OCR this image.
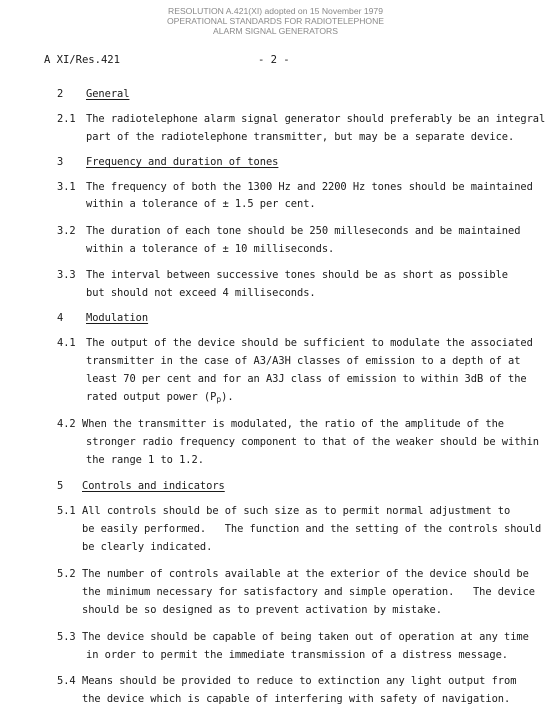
RESOLUTION A.421(XI) adopted on 15 November 1979
OPERATIONAL STANDARDS FOR RADIOTELEPHONE
ALARM SIGNAL GENERATORS
A XI/Res.421	- 2 -
2 General
2.1 The radiotelephone alarm signal generator should preferably be an integral
part of the radiotelephone transmitter, but may be a separate device.
3 Frequency and duration of tones
3.1 The frequency of both the 1300 Hz and 2200 Hz tones should be maintained
within a tolerance of ± 1.5 per cent.
3.2 The duration of each tone should be 250 milleseconds and be maintained
within a tolerance of ± 10 milliseconds.
3.3 The interval between successive tones should be as short as possible
but should not exceed 4 milliseconds.
4 Modulation
4.1 The output of the device should be sufficient to modulate the associated
transmitter in the case of A3/A3H classes of emission to a depth of at
least 70 per cent and for an A3J class of emission to within 3dB of the
rated output power $(P_p)$.
4.2 When the transmitter is modulated, the ratio of the amplitude of the
stronger radio frequency component to that of the weaker should be within
the range 1 to 1.2.
5 Controls and indicators
5.1 All controls should be of such size as to permit normal adjustment to
be easily performed.   The function and the setting of the controls should
be clearly indicated.
5.2 The number of controls available at the exterior of the device should be
the minimum necessary for satisfactory and simple operation.   The device
should be so designed as to prevent activation by mistake.
5.3 The device should be capable of being taken out of operation at any time
in order to permit the immediate transmission of a distress message.
5.4 Means should be provided to reduce to extinction any light output from
the device which is capable of interfering with safety of navigation.
